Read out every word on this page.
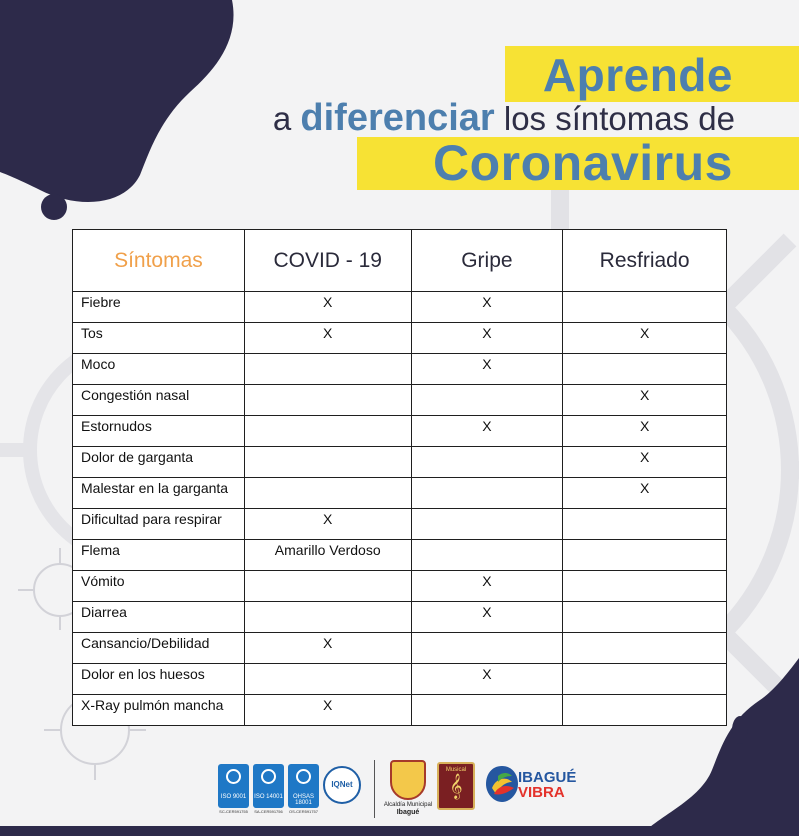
Aprende
a diferenciar los síntomas de
Coronavirus
Síntomas	COVID - 19	Gripe	Resfriado
Fiebre	X	X	
Tos	X	X	X
Moco		X	
Congestión nasal			X
Estornudos		X	X
Dolor de garganta			X
Malestar en la garganta			X
Dificultad para respirar	X		
Flema	Amarillo Verdoso		
Vómito		X	
Diarrea		X	
Cansancio/Debilidad	X		
Dolor en los huesos		X	
X-Ray pulmón mancha	X		
ISO 9001
SC-CER591755
ISO 14001
SA-CER591756
OHSAS 18001
OS-CER591757
IQNet
Alcaldía Municipal
Ibagué
Musical
𝄞	IBAGUÉ
VIBRA
